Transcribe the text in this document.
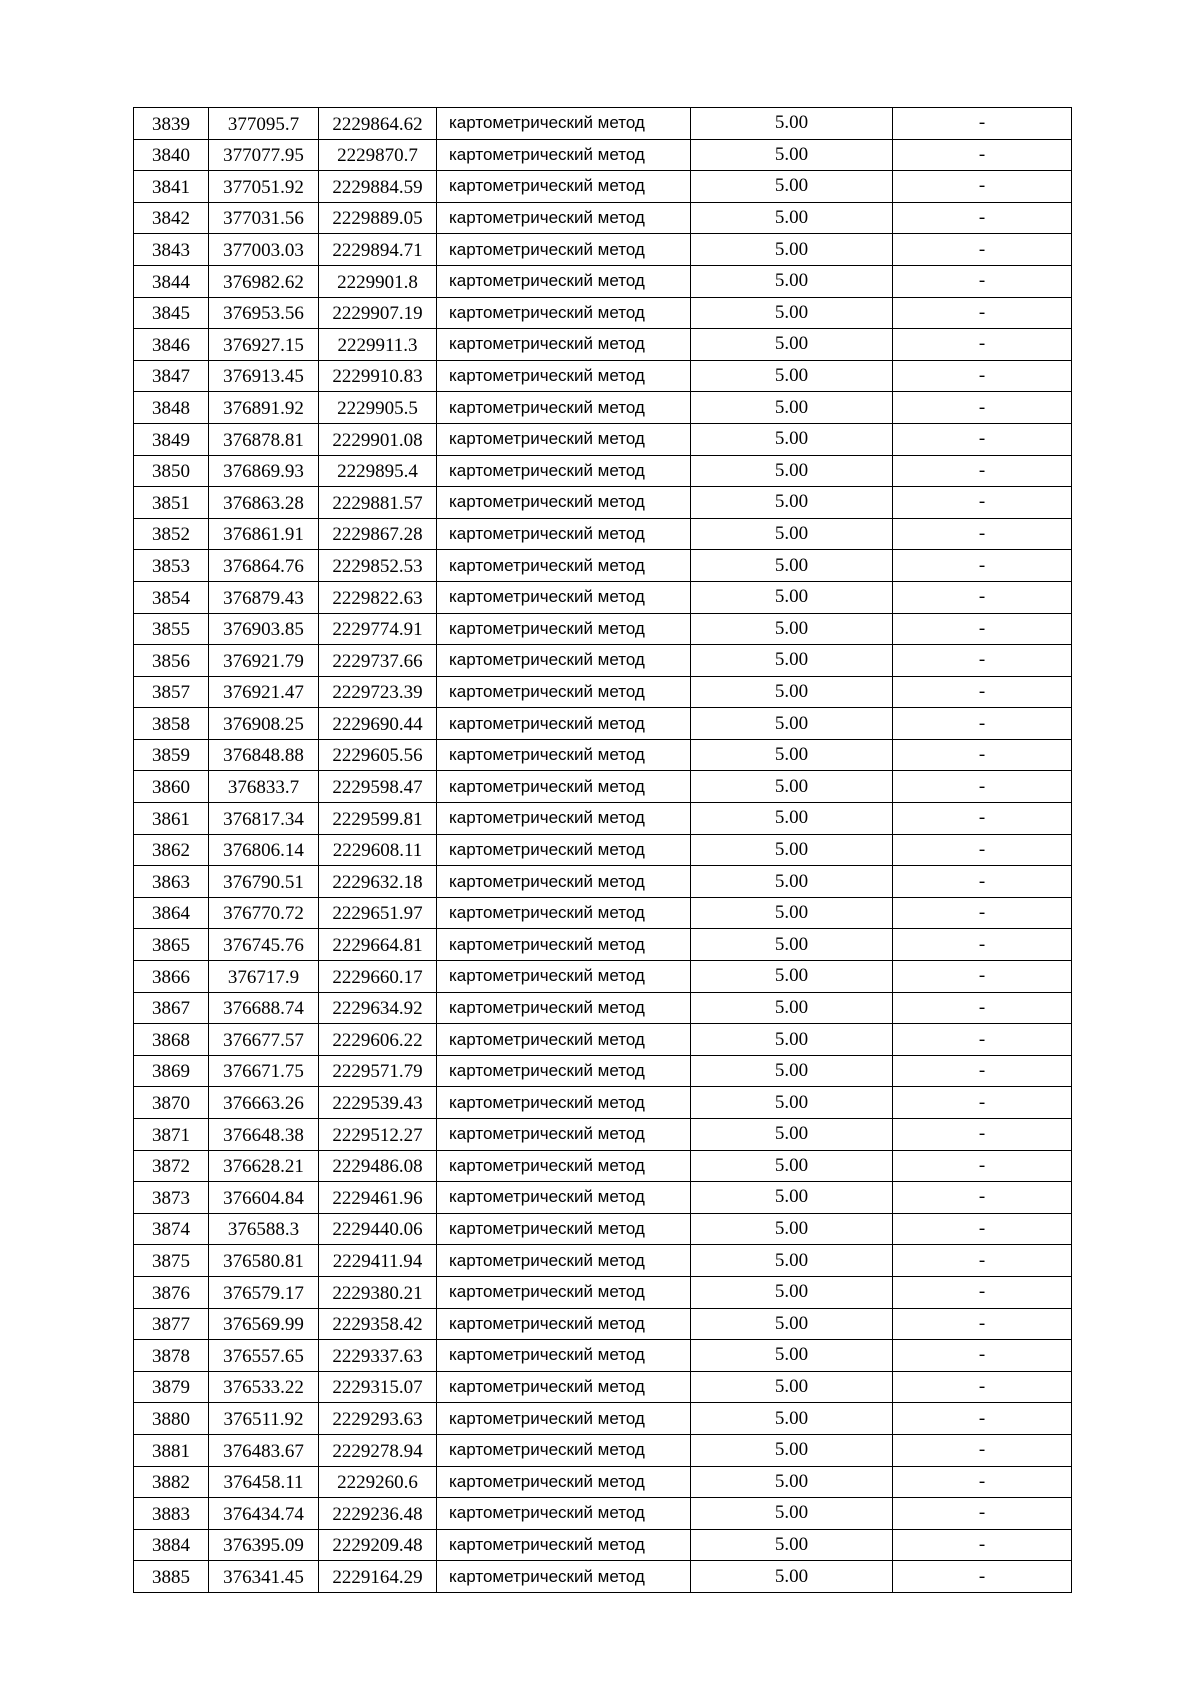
3839	377095.7	2229864.62	картометрический метод	5.00	-
3840	377077.95	2229870.7	картометрический метод	5.00	-
3841	377051.92	2229884.59	картометрический метод	5.00	-
3842	377031.56	2229889.05	картометрический метод	5.00	-
3843	377003.03	2229894.71	картометрический метод	5.00	-
3844	376982.62	2229901.8	картометрический метод	5.00	-
3845	376953.56	2229907.19	картометрический метод	5.00	-
3846	376927.15	2229911.3	картометрический метод	5.00	-
3847	376913.45	2229910.83	картометрический метод	5.00	-
3848	376891.92	2229905.5	картометрический метод	5.00	-
3849	376878.81	2229901.08	картометрический метод	5.00	-
3850	376869.93	2229895.4	картометрический метод	5.00	-
3851	376863.28	2229881.57	картометрический метод	5.00	-
3852	376861.91	2229867.28	картометрический метод	5.00	-
3853	376864.76	2229852.53	картометрический метод	5.00	-
3854	376879.43	2229822.63	картометрический метод	5.00	-
3855	376903.85	2229774.91	картометрический метод	5.00	-
3856	376921.79	2229737.66	картометрический метод	5.00	-
3857	376921.47	2229723.39	картометрический метод	5.00	-
3858	376908.25	2229690.44	картометрический метод	5.00	-
3859	376848.88	2229605.56	картометрический метод	5.00	-
3860	376833.7	2229598.47	картометрический метод	5.00	-
3861	376817.34	2229599.81	картометрический метод	5.00	-
3862	376806.14	2229608.11	картометрический метод	5.00	-
3863	376790.51	2229632.18	картометрический метод	5.00	-
3864	376770.72	2229651.97	картометрический метод	5.00	-
3865	376745.76	2229664.81	картометрический метод	5.00	-
3866	376717.9	2229660.17	картометрический метод	5.00	-
3867	376688.74	2229634.92	картометрический метод	5.00	-
3868	376677.57	2229606.22	картометрический метод	5.00	-
3869	376671.75	2229571.79	картометрический метод	5.00	-
3870	376663.26	2229539.43	картометрический метод	5.00	-
3871	376648.38	2229512.27	картометрический метод	5.00	-
3872	376628.21	2229486.08	картометрический метод	5.00	-
3873	376604.84	2229461.96	картометрический метод	5.00	-
3874	376588.3	2229440.06	картометрический метод	5.00	-
3875	376580.81	2229411.94	картометрический метод	5.00	-
3876	376579.17	2229380.21	картометрический метод	5.00	-
3877	376569.99	2229358.42	картометрический метод	5.00	-
3878	376557.65	2229337.63	картометрический метод	5.00	-
3879	376533.22	2229315.07	картометрический метод	5.00	-
3880	376511.92	2229293.63	картометрический метод	5.00	-
3881	376483.67	2229278.94	картометрический метод	5.00	-
3882	376458.11	2229260.6	картометрический метод	5.00	-
3883	376434.74	2229236.48	картометрический метод	5.00	-
3884	376395.09	2229209.48	картометрический метод	5.00	-
3885	376341.45	2229164.29	картометрический метод	5.00	-
